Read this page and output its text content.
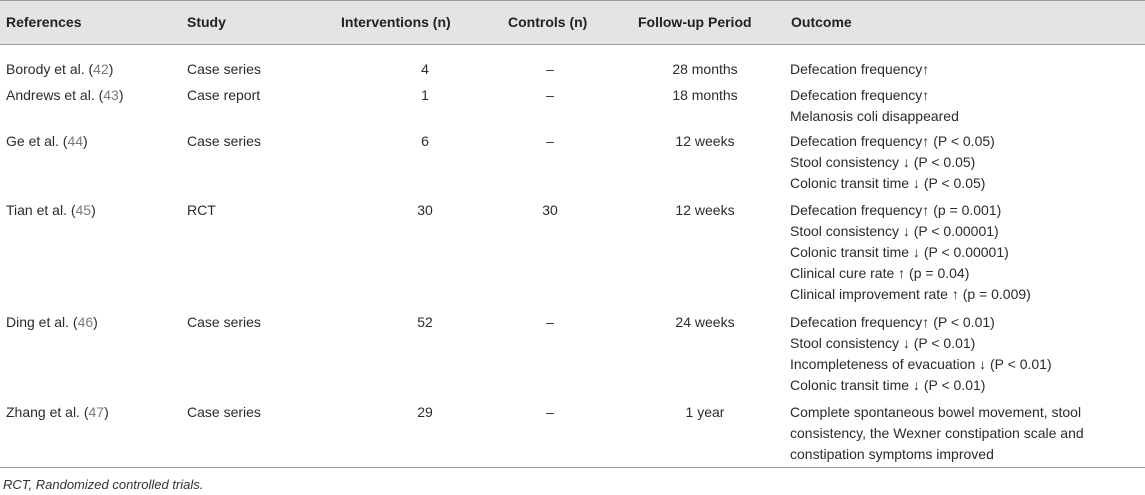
References	Study	Interventions (n)	Controls (n)	Follow-up Period	Outcome
Borody et al. (42)	Case series	4	–	28 months	Defecation frequency↑
Andrews et al. (43)	Case report	1	–	18 months	Defecation frequency↑
Melanosis coli disappeared
Ge et al. (44)	Case series	6	–	12 weeks	Defecation frequency↑ (P < 0.05)
Stool consistency ↓ (P < 0.05)
Colonic transit time ↓ (P < 0.05)
Tian et al. (45)	RCT	30	30	12 weeks	Defecation frequency↑ (p = 0.001)
Stool consistency ↓ (P < 0.00001)
Colonic transit time ↓ (P < 0.00001)
Clinical cure rate ↑ (p = 0.04)
Clinical improvement rate ↑ (p = 0.009)
Ding et al. (46)	Case series	52	–	24 weeks	Defecation frequency↑ (P < 0.01)
Stool consistency ↓ (P < 0.01)
Incompleteness of evacuation ↓ (P < 0.01)
Colonic transit time ↓ (P < 0.01)
Zhang et al. (47)	Case series	29	–	1 year	Complete spontaneous bowel movement, stool
consistency, the Wexner constipation scale and
constipation symptoms improved
RCT, Randomized controlled trials.
